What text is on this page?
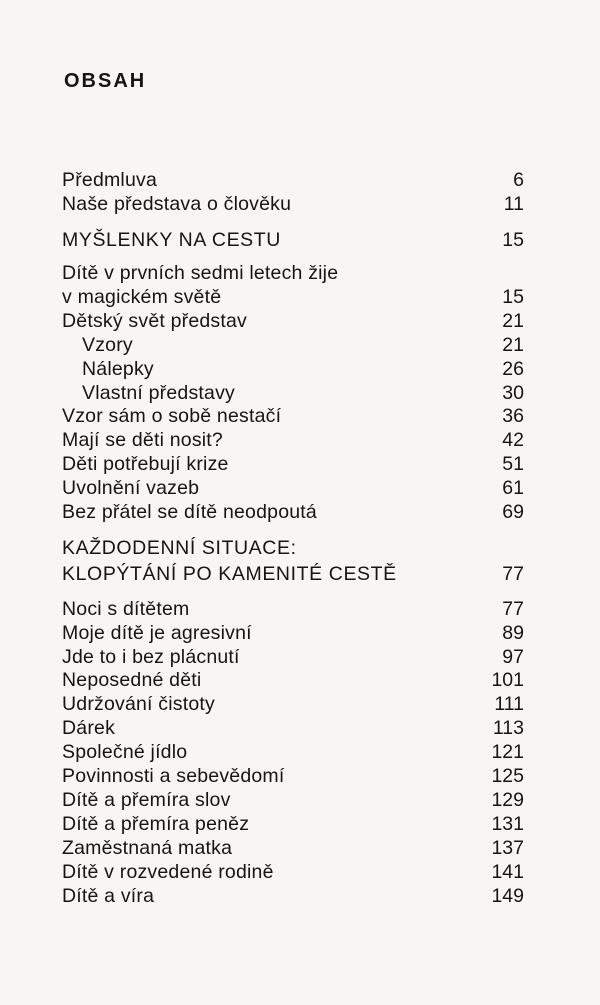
OBSAH
Předmluva	6
Naše představa o člověku	11
MYŠLENKY NA CESTU	15
Dítě v prvních sedmi letech žije
v magickém světě	15
Dětský svět představ	21
Vzory	21
Nálepky	26
Vlastní představy	30
Vzor sám o sobě nestačí	36
Mají se děti nosit?	42
Děti potřebují krize	51
Uvolnění vazeb	61
Bez přátel se dítě neodpoutá	69
KAŽDODENNÍ SITUACE:
KLOPÝTÁNÍ PO KAMENITÉ CESTĚ	77
Noci s dítětem	77
Moje dítě je agresivní	89
Jde to i bez plácnutí	97
Neposedné děti	101
Udržování čistoty	111
Dárek	113
Společné jídlo	121
Povinnosti a sebevědomí	125
Dítě a přemíra slov	129
Dítě a přemíra peněz	131
Zaměstnaná matka	137
Dítě v rozvedené rodině	141
Dítě a víra	149
